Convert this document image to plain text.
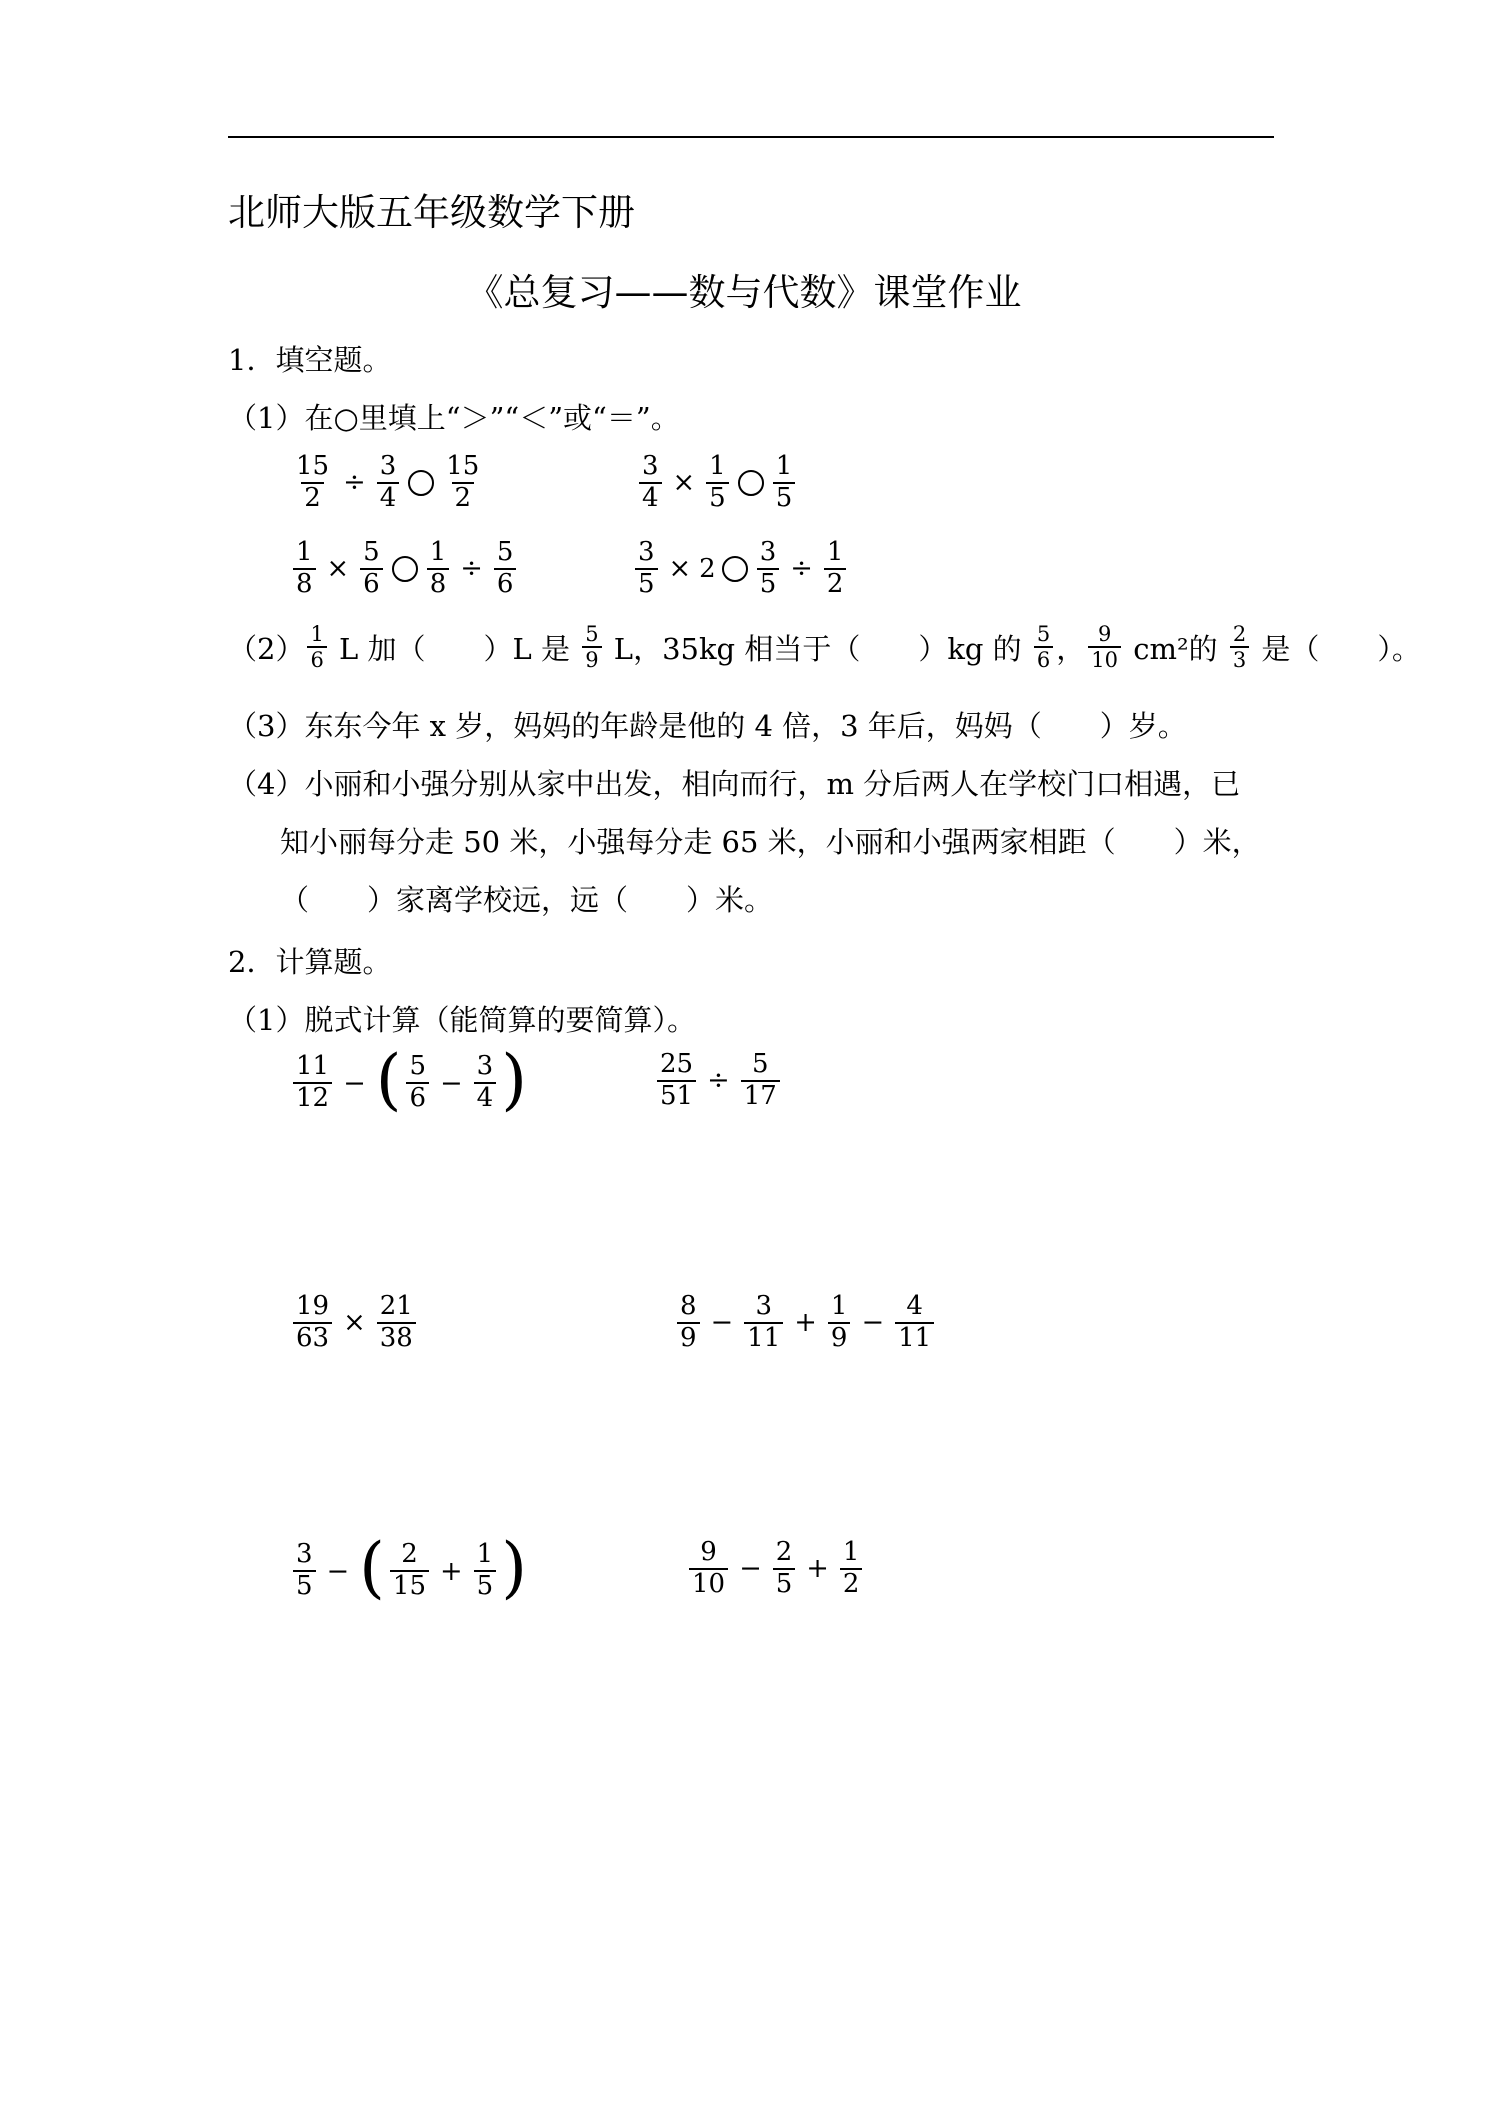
北师大版五年级数学下册
《总复习——数与代数》课堂作业
1．填空题。
（1）在○里填上“＞”“＜”或“＝”。
$\frac{15}{2} \div \frac{3}{4} \frac{15}{2}$	$\frac{3}{4} \times \frac{1}{5} \frac{1}{5}$
$\frac{1}{8} \times \frac{5}{6} \frac{1}{8} \div \frac{5}{6}$	$\frac{3}{5} \times 2 \frac{3}{5} \div \frac{1}{2}$
$(2) \frac{1}{6}$ L 加（　　）L 是 $\frac{5}{9}$ L，35kg 相当于（　　）kg 的 $\frac{5}{6}$ ， $\frac{9}{10} cm^2$的 $\frac{2}{3}$ 是（　　）。
（3）东东今年 x 岁，妈妈的年龄是他的 4 倍，3 年后，妈妈（　　）岁。
（4）小丽和小强分别从家中出发，相向而行，m 分后两人在学校门口相遇，已
知小丽每分走 50 米，小强每分走 65 米，小丽和小强两家相距（　　）米，
（　　）家离学校远，远（　　）米。
2．计算题。
（1）脱式计算（能简算的要简算）。
$\frac{11}{12}$ − ( $\frac{5}{6} - \frac{3}{4}$ )	$\frac{25}{51} \div \frac{5}{17}$
$\frac{19}{63} \times \frac{21}{38}$	$\frac{8}{9} - \frac{3}{11} + \frac{1}{9} - \frac{4}{11}$
$\frac{3}{5}$ − ( $\frac{2}{15} + \frac{1}{5}$ )	$\frac{9}{10} - \frac{2}{5} + \frac{1}{2}$
